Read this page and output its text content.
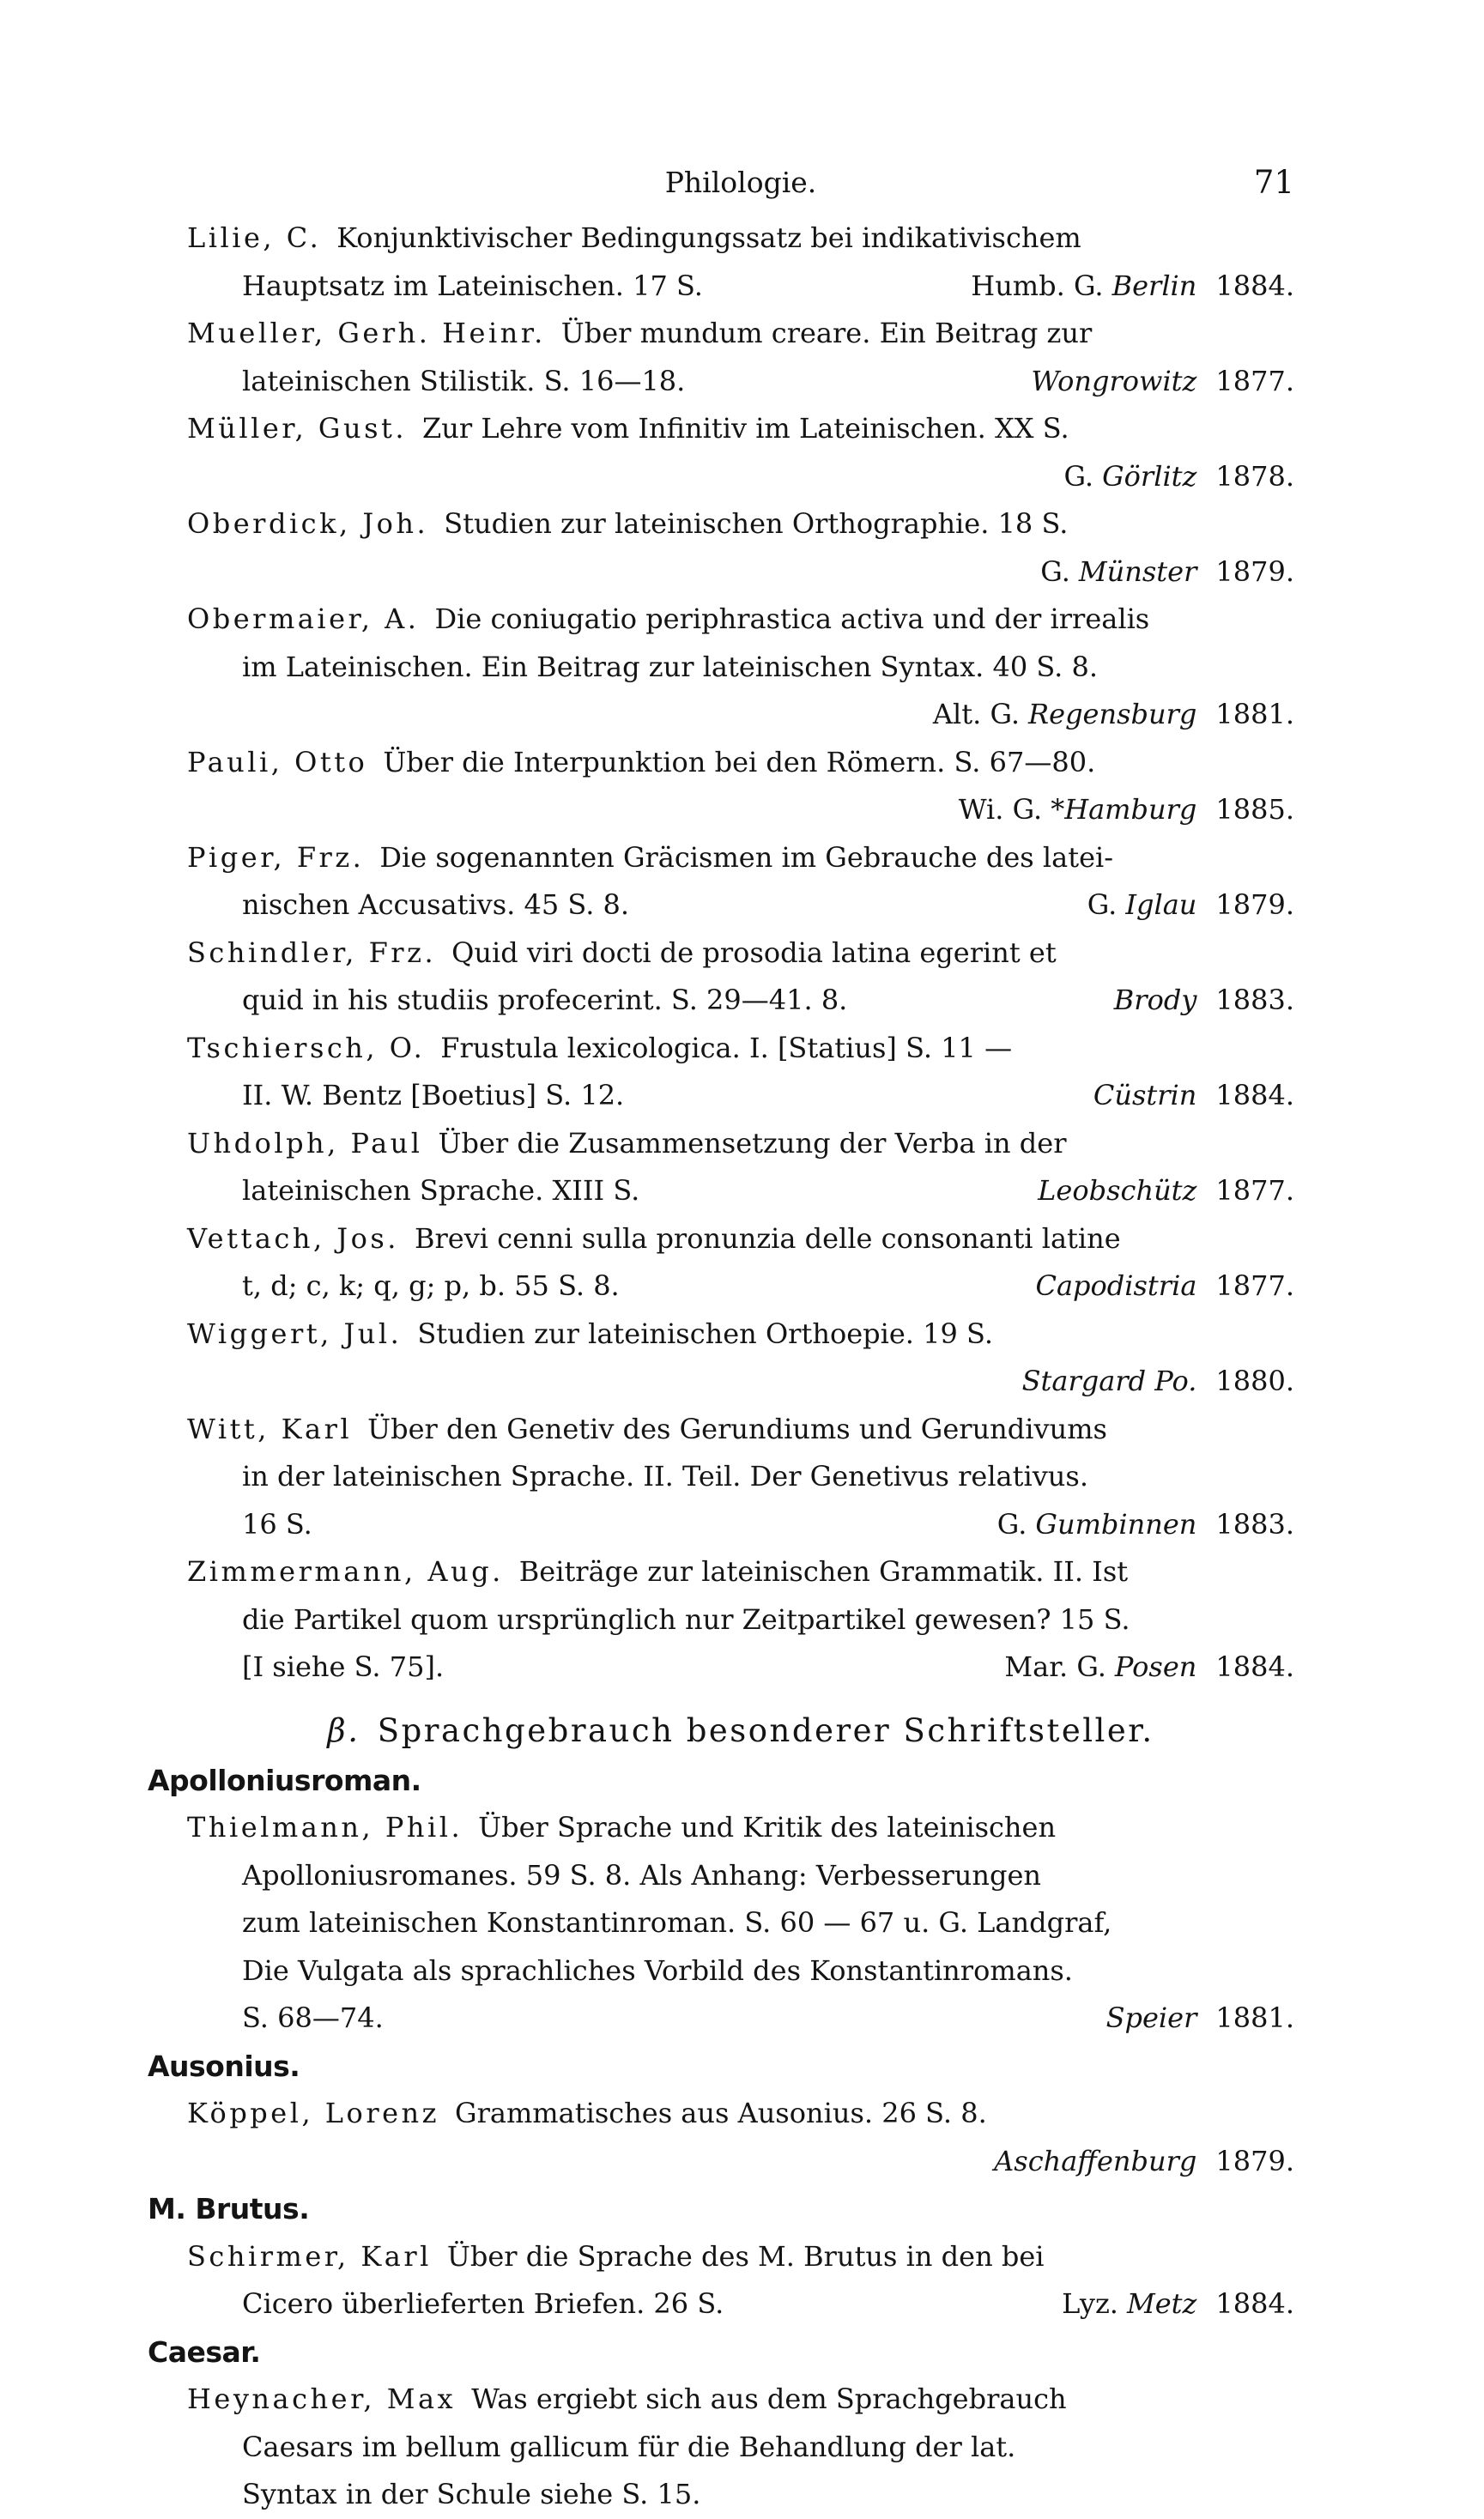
Philologie.	71
Lilie, C. Konjunktivischer Bedingungssatz bei indikativischem
Hauptsatz im Lateinischen. 17 S.	Humb. G. Berlin 1884.
Mueller, Gerh. Heinr. Über mundum creare. Ein Beitrag zur
lateinischen Stilistik. S. 16—18.	Wongrowitz 1877.
Müller, Gust. Zur Lehre vom Infinitiv im Lateinischen. XX S.
G. Görlitz 1878.
Oberdick, Joh. Studien zur lateinischen Orthographie. 18 S.
G. Münster 1879.
Obermaier, A. Die coniugatio periphrastica activa und der irrealis
im Lateinischen. Ein Beitrag zur lateinischen Syntax. 40 S. 8.
Alt. G. Regensburg 1881.
Pauli, Otto Über die Interpunktion bei den Römern. S. 67—80.
Wi. G. *Hamburg 1885.
Piger, Frz. Die sogenannten Gräcismen im Gebrauche des latei-
nischen Accusativs. 45 S. 8.	G. Iglau 1879.
Schindler, Frz. Quid viri docti de prosodia latina egerint et
quid in his studiis profecerint. S. 29—41. 8.	Brody 1883.
Tschiersch, O. Frustula lexicologica. I. [Statius] S. 11 —
II. W. Bentz [Boetius] S. 12.	Cüstrin 1884.
Uhdolph, Paul Über die Zusammensetzung der Verba in der
lateinischen Sprache. XIII S.	Leobschütz 1877.
Vettach, Jos. Brevi cenni sulla pronunzia delle consonanti latine
t, d; c, k; q, g; p, b. 55 S. 8.	Capodistria 1877.
Wiggert, Jul. Studien zur lateinischen Orthoepie. 19 S.
Stargard Po. 1880.
Witt, Karl Über den Genetiv des Gerundiums und Gerundivums
in der lateinischen Sprache. II. Teil. Der Genetivus relativus.
16 S.	G. Gumbinnen 1883.
Zimmermann, Aug. Beiträge zur lateinischen Grammatik. II. Ist
die Partikel quom ursprünglich nur Zeitpartikel gewesen? 15 S.
[I siehe S. 75].	Mar. G. Posen 1884.
β. Sprachgebrauch besonderer Schriftsteller.
Apolloniusroman.
Thielmann, Phil. Über Sprache und Kritik des lateinischen
Apolloniusromanes. 59 S. 8. Als Anhang: Verbesserungen
zum lateinischen Konstantinroman. S. 60 — 67 u. G. Landgraf,
Die Vulgata als sprachliches Vorbild des Konstantinromans.
S. 68—74.	Speier 1881.
Ausonius.
Köppel, Lorenz Grammatisches aus Ausonius. 26 S. 8.
Aschaffenburg 1879.
M. Brutus.
Schirmer, Karl Über die Sprache des M. Brutus in den bei
Cicero überlieferten Briefen. 26 S.	Lyz. Metz 1884.
Caesar.
Heynacher, Max Was ergiebt sich aus dem Sprachgebrauch
Caesars im bellum gallicum für die Behandlung der lat.
Syntax in der Schule siehe S. 15.
